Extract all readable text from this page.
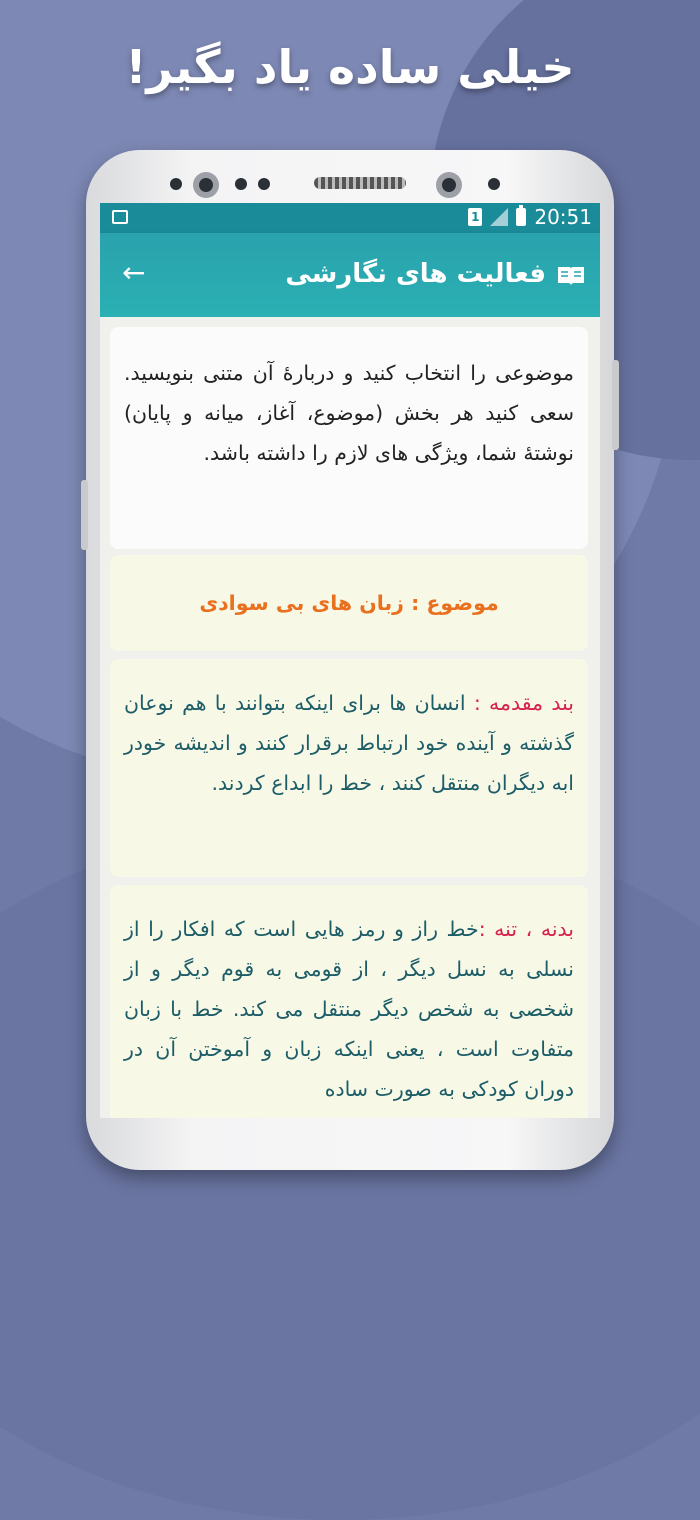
خیلی ساده یاد بگیر!
1	20:51
←	فعالیت های نگارشی
موضوعی را انتخاب کنید و دربارۀ آن متنی بنویسید. سعی کنید هر بخش (موضوع، آغاز، میانه و پایان) نوشتۀ شما، ویژگی های لازم را داشته باشد.
موضوع : زبان های بی سوادی
بند مقدمه : انسان ها برای اینکه بتوانند با هم نوعان گذشته و آینده خود ارتباط برقرار کنند و اندیشه خودر ابه دیگران منتقل کنند ، خط را ابداع کردند.
بدنه ، تنه :خط راز و رمز هایی است که افکار را از نسلی به نسل دیگر ، از قومی به قوم دیگر و از شخصی به شخص دیگر منتقل می کند. خط با زبان متفاوت است ، یعنی اینکه زبان و آموختن آن در دوران کودکی به صورت ساده
